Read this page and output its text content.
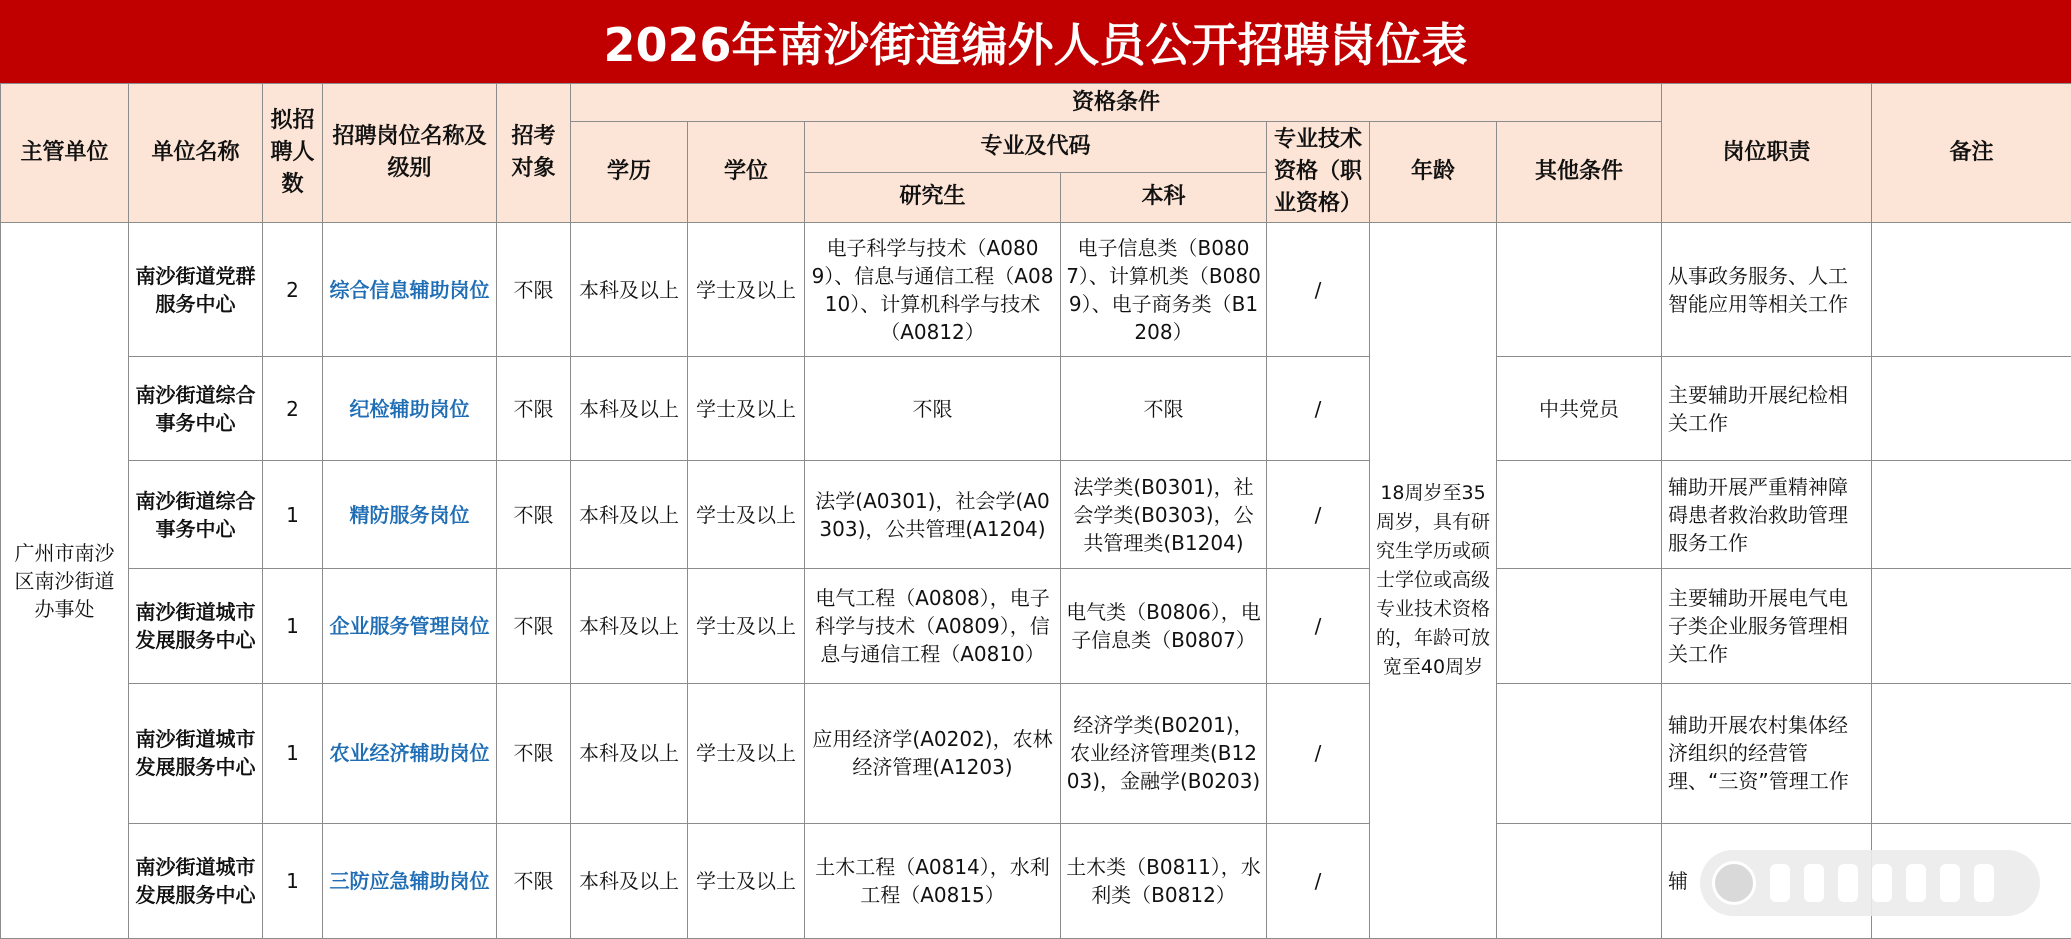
2026年南沙街道编外人员公开招聘岗位表
主管单位	单位名称	拟招聘人数	招聘岗位名称及级别	招考对象	资格条件							岗位职责	备注
					学历	学位	专业及代码		专业技术资格（职业资格）	年龄	其他条件		
							研究生	本科					
广州市南沙区南沙街道办事处	南沙街道党群服务中心	2	综合信息辅助岗位	不限	本科及以上	学士及以上	电子科学与技术（A0809）、信息与通信工程（A0810）、计算机科学与技术（A0812）	电子信息类（B0807）、计算机类（B0809）、电子商务类（B1208）	/	18周岁至35周岁，具有研究生学历或硕士学位或高级专业技术资格的，年龄可放宽至40周岁		从事政务服务、人工智能应用等相关工作	
	南沙街道综合事务中心	2	纪检辅助岗位	不限	本科及以上	学士及以上	不限	不限	/		中共党员	主要辅助开展纪检相关工作	
	南沙街道综合事务中心	1	精防服务岗位	不限	本科及以上	学士及以上	法学(A0301)，社会学(A0303)，公共管理(A1204)	法学类(B0301)，社会学类(B0303)，公共管理类(B1204)	/			辅助开展严重精神障碍患者救治救助管理服务工作	
	南沙街道城市发展服务中心	1	企业服务管理岗位	不限	本科及以上	学士及以上	电气工程（A0808），电子科学与技术（A0809），信息与通信工程（A0810）	电气类（B0806），电子信息类（B0807）	/			主要辅助开展电气电子类企业服务管理相关工作	
	南沙街道城市发展服务中心	1	农业经济辅助岗位	不限	本科及以上	学士及以上	应用经济学(A0202)，农林经济管理(A1203)	经济学类(B0201)，农业经济管理类(B1203)，金融学(B0203)	/			辅助开展农村集体经济组织的经营管理、“三资”管理工作	
	南沙街道城市发展服务中心	1	三防应急辅助岗位	不限	本科及以上	学士及以上	土木工程（A0814），水利工程（A0815）	土木类（B0811），水利类（B0812）	/			辅	
